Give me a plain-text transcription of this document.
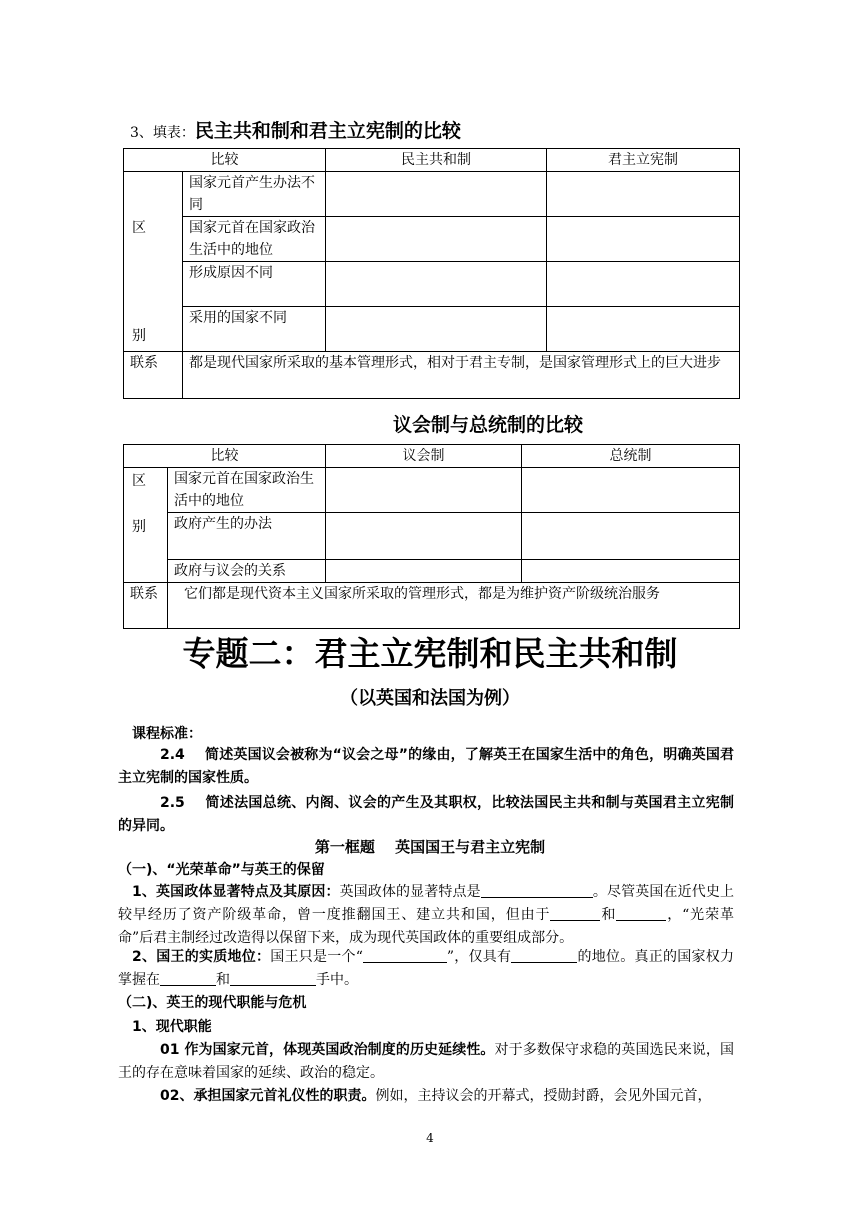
3、填表：民主共和制和君主立宪制的比较
比较		民主共和制	君主立宪制

区
别	国家元首产生办法不同		
	国家元首在国家政治生活中的地位		
	形成原因不同		
	采用的国家不同		
联系	都是现代国家所采取的基本管理形式，相对于君主专制，是国家管理形式上的巨大进步		
议会制与总统制的比较
比较		议会制	总统制

区
别	国家元首在国家政治生活中的地位		
	政府产生的办法		
	政府与议会的关系		
联系	它们都是现代资本主义国家所采取的管理形式，都是为维护资产阶级统治服务		
专题二：君主立宪制和民主共和制
（以英国和法国为例）
课程标准：
2.4 简述英国议会被称为“议会之母”的缘由，了解英王在国家生活中的角色，明确英国君主立宪制的国家性质。
2.5 简述法国总统、内阁、议会的产生及其职权，比较法国民主共和制与英国君主立宪制的异同。
第一框题　 英国国王与君主立宪制
（一)、“光荣革命”与英王的保留
1、英国政体显著特点及其原因：英国政体的显著特点是	。尽管英国在近代史上较早经历了资产阶级革命，曾一度推翻国王、建立共和国，但由于	和	，“光荣革命”后君主制经过改造得以保留下来，成为现代英国政体的重要组成部分。
2、国王的实质地位：国王只是一个“	”，仅具有	的地位。真正的国家权力掌握在	和	手中。
（二)、英王的现代职能与危机
1、现代职能
01 作为国家元首，体现英国政治制度的历史延续性。对于多数保守求稳的英国选民来说，国王的存在意味着国家的延续、政治的稳定。
02、承担国家元首礼仪性的职责。例如，主持议会的开幕式，授勋封爵，会见外国元首，
4
